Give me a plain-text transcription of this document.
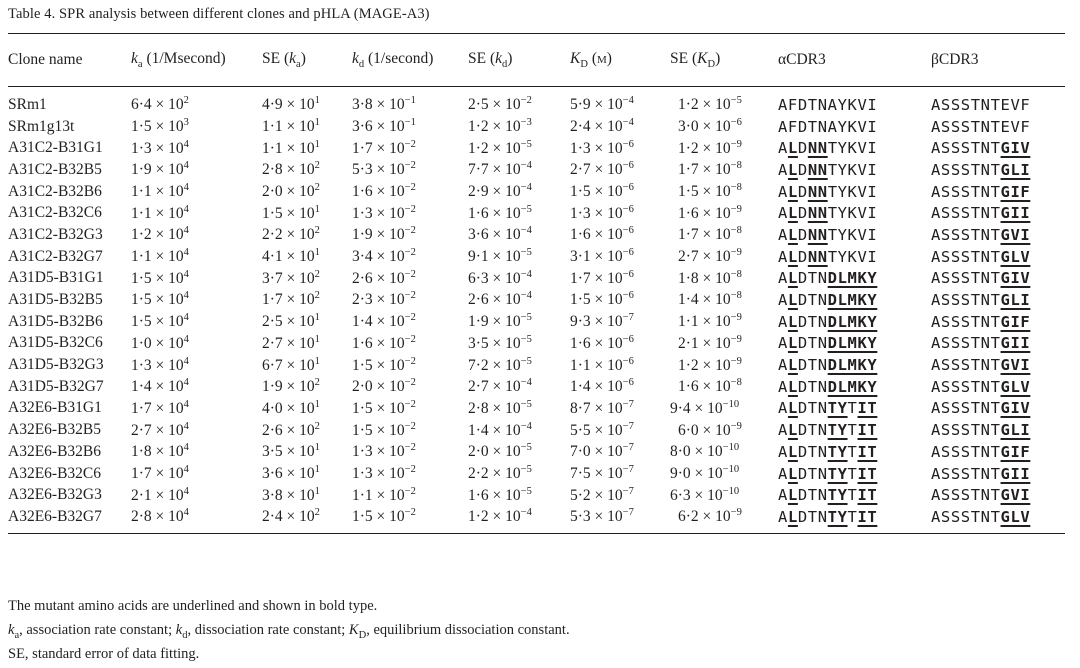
Table 4. SPR analysis between different clones and pHLA (MAGE-A3)
Clone name	$k_a$ (1/Msecond)	SE $(k_a)$	$k_d$ (1/second)	SE $(k_d)$	$K_D$ (m)	SE $(K_D)$	αCDR3	βCDR3
SRm1	$6\cdot 4 \times 10^2$	$4\cdot 9 \times 10^1$	$3\cdot 8 \times 10^{-1}$	$2\cdot 5 \times 10^{-2}$	$5\cdot 9 \times 10^{-4}$	$1\cdot 2 \times 10^{-5}$	AFDTNAYKVI	ASSSTNTEVF
SRm1g13t	$1\cdot 5 \times 10^3$	$1\cdot 1 \times 10^1$	$3\cdot 6 \times 10^{-1}$	$1\cdot 2 \times 10^{-3}$	$2\cdot 4 \times 10^{-4}$	$3\cdot 0 \times 10^{-6}$	AFDTNAYKVI	ASSSTNTEVF
A31C2-B31G1	$1\cdot 3 \times 10^4$	$1\cdot 1 \times 10^1$	$1\cdot 7 \times 10^{-2}$	$1\cdot 2 \times 10^{-5}$	$1\cdot 3 \times 10^{-6}$	$1\cdot 2 \times 10^{-9}$	ALDNNTYKVI	ASSSTNTGIV
A31C2-B32B5	$1\cdot 9 \times 10^4$	$2\cdot 8 \times 10^2$	$5\cdot 3 \times 10^{-2}$	$7\cdot 7 \times 10^{-4}$	$2\cdot 7 \times 10^{-6}$	$1\cdot 7 \times 10^{-8}$	ALDNNTYKVI	ASSSTNTGLI
A31C2-B32B6	$1\cdot 1 \times 10^4$	$2\cdot 0 \times 10^2$	$1\cdot 6 \times 10^{-2}$	$2\cdot 9 \times 10^{-4}$	$1\cdot 5 \times 10^{-6}$	$1\cdot 5 \times 10^{-8}$	ALDNNTYKVI	ASSSTNTGIF
A31C2-B32C6	$1\cdot 1 \times 10^4$	$1\cdot 5 \times 10^1$	$1\cdot 3 \times 10^{-2}$	$1\cdot 6 \times 10^{-5}$	$1\cdot 3 \times 10^{-6}$	$1\cdot 6 \times 10^{-9}$	ALDNNTYKVI	ASSSTNTGII
A31C2-B32G3	$1\cdot 2 \times 10^4$	$2\cdot 2 \times 10^2$	$1\cdot 9 \times 10^{-2}$	$3\cdot 6 \times 10^{-4}$	$1\cdot 6 \times 10^{-6}$	$1\cdot 7 \times 10^{-8}$	ALDNNTYKVI	ASSSTNTGVI
A31C2-B32G7	$1\cdot 1 \times 10^4$	$4\cdot 1 \times 10^1$	$3\cdot 4 \times 10^{-2}$	$9\cdot 1 \times 10^{-5}$	$3\cdot 1 \times 10^{-6}$	$2\cdot 7 \times 10^{-9}$	ALDNNTYKVI	ASSSTNTGLV
A31D5-B31G1	$1\cdot 5 \times 10^4$	$3\cdot 7 \times 10^2$	$2\cdot 6 \times 10^{-2}$	$6\cdot 3 \times 10^{-4}$	$1\cdot 7 \times 10^{-6}$	$1\cdot 8 \times 10^{-8}$	ALDTNDLMKY	ASSSTNTGIV
A31D5-B32B5	$1\cdot 5 \times 10^4$	$1\cdot 7 \times 10^2$	$2\cdot 3 \times 10^{-2}$	$2\cdot 6 \times 10^{-4}$	$1\cdot 5 \times 10^{-6}$	$1\cdot 4 \times 10^{-8}$	ALDTNDLMKY	ASSSTNTGLI
A31D5-B32B6	$1\cdot 5 \times 10^4$	$2\cdot 5 \times 10^1$	$1\cdot 4 \times 10^{-2}$	$1\cdot 9 \times 10^{-5}$	$9\cdot 3 \times 10^{-7}$	$1\cdot 1 \times 10^{-9}$	ALDTNDLMKY	ASSSTNTGIF
A31D5-B32C6	$1\cdot 0 \times 10^4$	$2\cdot 7 \times 10^1$	$1\cdot 6 \times 10^{-2}$	$3\cdot 5 \times 10^{-5}$	$1\cdot 6 \times 10^{-6}$	$2\cdot 1 \times 10^{-9}$	ALDTNDLMKY	ASSSTNTGII
A31D5-B32G3	$1\cdot 3 \times 10^4$	$6\cdot 7 \times 10^1$	$1\cdot 5 \times 10^{-2}$	$7\cdot 2 \times 10^{-5}$	$1\cdot 1 \times 10^{-6}$	$1\cdot 2 \times 10^{-9}$	ALDTNDLMKY	ASSSTNTGVI
A31D5-B32G7	$1\cdot 4 \times 10^4$	$1\cdot 9 \times 10^2$	$2\cdot 0 \times 10^{-2}$	$2\cdot 7 \times 10^{-4}$	$1\cdot 4 \times 10^{-6}$	$1\cdot 6 \times 10^{-8}$	ALDTNDLMKY	ASSSTNTGLV
A32E6-B31G1	$1\cdot 7 \times 10^4$	$4\cdot 0 \times 10^1$	$1\cdot 5 \times 10^{-2}$	$2\cdot 8 \times 10^{-5}$	$8\cdot 7 \times 10^{-7}$	$9\cdot 4 \times 10^{-10}$	ALDTNTYTIT	ASSSTNTGIV
A32E6-B32B5	$2\cdot 7 \times 10^4$	$2\cdot 6 \times 10^2$	$1\cdot 5 \times 10^{-2}$	$1\cdot 4 \times 10^{-4}$	$5\cdot 5 \times 10^{-7}$	$6\cdot 0 \times 10^{-9}$	ALDTNTYTIT	ASSSTNTGLI
A32E6-B32B6	$1\cdot 8 \times 10^4$	$3\cdot 5 \times 10^1$	$1\cdot 3 \times 10^{-2}$	$2\cdot 0 \times 10^{-5}$	$7\cdot 0 \times 10^{-7}$	$8\cdot 0 \times 10^{-10}$	ALDTNTYTIT	ASSSTNTGIF
A32E6-B32C6	$1\cdot 7 \times 10^4$	$3\cdot 6 \times 10^1$	$1\cdot 3 \times 10^{-2}$	$2\cdot 2 \times 10^{-5}$	$7\cdot 5 \times 10^{-7}$	$9\cdot 0 \times 10^{-10}$	ALDTNTYTIT	ASSSTNTGII
A32E6-B32G3	$2\cdot 1 \times 10^4$	$3\cdot 8 \times 10^1$	$1\cdot 1 \times 10^{-2}$	$1\cdot 6 \times 10^{-5}$	$5\cdot 2 \times 10^{-7}$	$6\cdot 3 \times 10^{-10}$	ALDTNTYTIT	ASSSTNTGVI
A32E6-B32G7	$2\cdot 8 \times 10^4$	$2\cdot 4 \times 10^2$	$1\cdot 5 \times 10^{-2}$	$1\cdot 2 \times 10^{-4}$	$5\cdot 3 \times 10^{-7}$	$6\cdot 2 \times 10^{-9}$	ALDTNTYTIT	ASSSTNTGLV
The mutant amino acids are underlined and shown in bold type.
$k_a$, association rate constant; $k_d$, dissociation rate constant; $K_D$, equilibrium dissociation constant.
SE, standard error of data fitting.
